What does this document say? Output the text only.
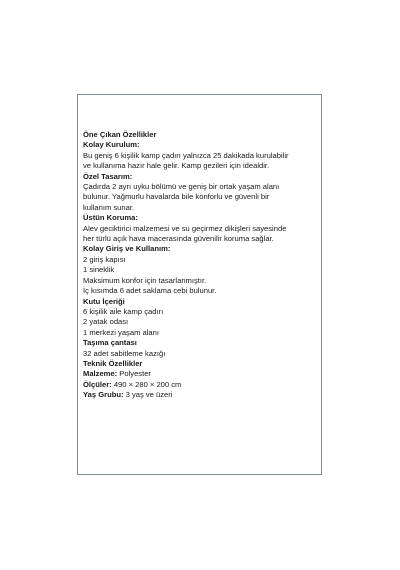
Öne Çıkan Özellikler

Kolay Kurulum:

Bu geniş 6 kişilik kamp çadırı yalnızca 25 dakikada kurulabilir

ve kullanıma hazır hale gelir. Kamp gezileri için idealdir.

Özel Tasarım:

Çadırda 2 ayrı uyku bölümü ve geniş bir ortak yaşam alanı

bulunur. Yağmurlu havalarda bile konforlu ve güvenli bir

kullanım sunar.

Üstün Koruma:

Alev geciktirici malzemesi ve su geçirmez dikişleri sayesinde

her türlü açık hava macerasında güvenilir koruma sağlar.

Kolay Giriş ve Kullanım:

2 giriş kapısı

1 sineklik

Maksimum konfor için tasarlanmıştır.

İç kısımda 6 adet saklama cebi bulunur.

Kutu İçeriği

6 kişilik aile kamp çadırı

2 yatak odası

1 merkezi yaşam alanı

Taşıma çantası

32 adet sabitleme kazığı

Teknik Özellikler

Malzeme: Polyester

Ölçüler: 490 × 280 × 200 cm

Yaş Grubu: 3 yaş ve üzeri
